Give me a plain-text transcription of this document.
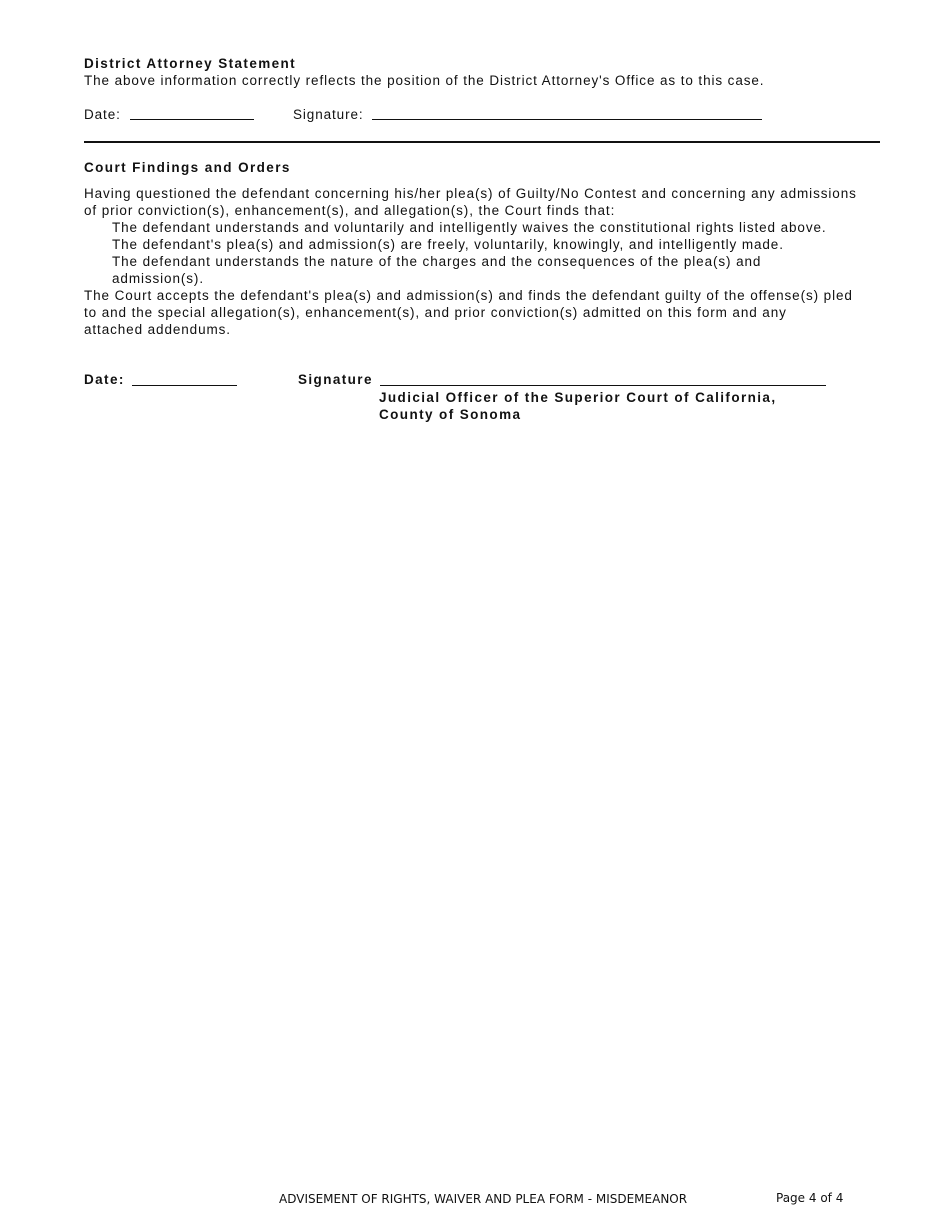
District Attorney Statement
The above information correctly reflects the position of the District Attorney's Office as to this case.
Date:	Signature:
Court Findings and Orders
Having questioned the defendant concerning his/her plea(s) of Guilty/No Contest and concerning any admissions
of prior conviction(s), enhancement(s), and allegation(s), the Court finds that:
The defendant understands and voluntarily and intelligently waives the constitutional rights listed above.
The defendant's plea(s) and admission(s) are freely, voluntarily, knowingly, and intelligently made.
The defendant understands the nature of the charges and the consequences of the plea(s) and
admission(s).
The Court accepts the defendant's plea(s) and admission(s) and finds the defendant guilty of the offense(s) pled
to and the special allegation(s), enhancement(s), and prior conviction(s) admitted on this form and any
attached addendums.
Date:	Signature
Judicial Officer of the Superior Court of California,
County of Sonoma
ADVISEMENT OF RIGHTS, WAIVER AND PLEA FORM - MISDEMEANOR	Page 4 of 4
